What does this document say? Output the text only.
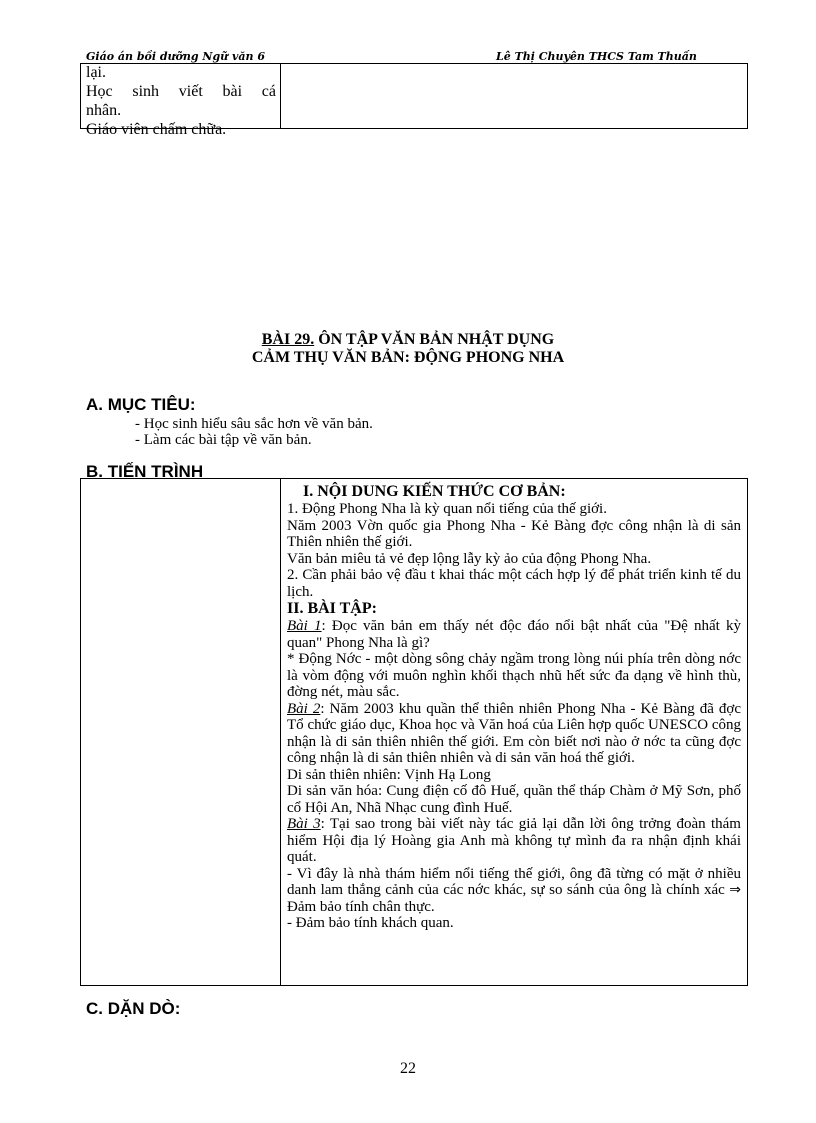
Giáo án bồi dưỡng Ngữ văn 6	Lê Thị Chuyên THCS Tam Thuấn
lại.
Học sinh viết bài cá
nhân.
Giáo viên chấm chữa.
BÀI 29. ÔN TẬP VĂN BẢN NHẬT DỤNG
CẢM THỤ VĂN BẢN: ĐỘNG PHONG NHA
A. MỤC TIÊU:
- Học sinh hiểu sâu sắc hơn về văn bản.
- Làm các bài tập về văn bản.
B. TIẾN TRÌNH

I. NỘI DUNG KIẾN THỨC CƠ BẢN:

1. Động Phong Nha là kỳ quan nổi tiếng của thế giới.

Năm 2003 Vờn quốc gia Phong Nha - Kẻ Bàng đợc công nhận là di sản Thiên nhiên thế giới.

Văn bản miêu tả vẻ đẹp lộng lẫy kỳ ảo của động Phong Nha.

2. Cần phải bảo vệ đầu t khai thác một cách hợp lý để phát triển kinh tế du lịch.

II. BÀI TẬP:

Bài 1: Đọc văn bản em thấy nét độc đáo nổi bật nhất của "Đệ nhất kỳ quan" Phong Nha là gì?

* Động Nớc - một dòng sông chảy ngầm trong lòng núi phía trên dòng nớc là vòm động với muôn nghìn khối thạch nhũ hết sức đa dạng về hình thù, đờng nét, màu sắc.

Bài 2: Năm 2003 khu quần thể thiên nhiên Phong Nha - Kẻ Bàng đã đợc Tổ chức giáo dục, Khoa học và Văn hoá của Liên hợp quốc UNESCO công nhận là di sản thiên nhiên thế giới. Em còn biết nơi nào ở nớc ta cũng đợc công nhận là di sản thiên nhiên và di sản văn hoá thế giới.

Di sản thiên nhiên: Vịnh Hạ Long

Di sản văn hóa: Cung điện cố đô Huế, quần thể tháp Chàm ở Mỹ Sơn, phố cổ Hội An, Nhã Nhạc cung đình Huế.

Bài 3: Tại sao trong bài viết này tác giả lại dẫn lời ông trởng đoàn thám hiểm Hội địa lý Hoàng gia Anh mà không tự mình đa ra nhận định khái quát.

- Vì đây là nhà thám hiểm nổi tiếng thế giới, ông đã từng có mặt ở nhiều danh lam thắng cảnh của các nớc khác, sự so sánh của ông là chính xác ⇒ Đảm bảo tính chân thực.

- Đảm bảo tính khách quan.

C. DẶN DÒ:
22
